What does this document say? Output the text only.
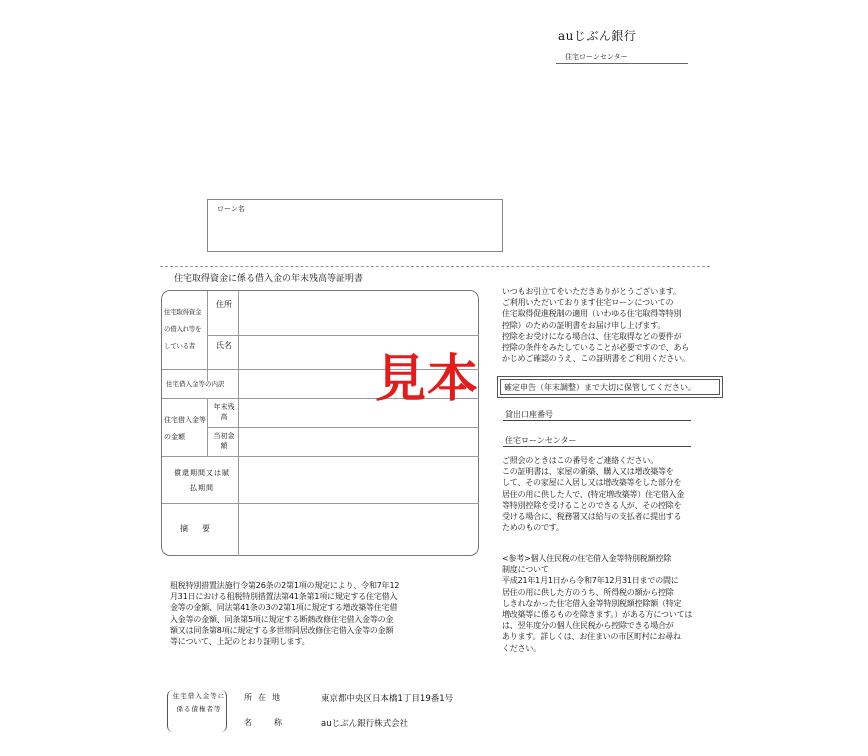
auじぶん銀行
住宅ローンセンター
ローン名
住宅取得資金に係る借入金の年末残高等証明書
住宅取得資金の借入れ等をしている者
住所
氏名
住宅借入金等の内訳
住宅借入金等の金額
年末残高
当初金額
償還期間又は賦払期間
摘要
見本
いつもお引立てをいただきありがとうございます。
ご利用いただいております住宅ローンについての
住宅取得促進税制の適用（いわゆる住宅取得等特別
控除）のための証明書をお届け申し上げます。
控除をお受けになる場合は、住宅取得などの要件が
控除の条件をみたしていることが必要ですので、あら
かじめご確認のうえ、この証明書をご利用ください。
確定申告（年末調整）まで大切に保管してください。
貸出口座番号
住宅ローンセンター
ご照会のときはこの番号をご連絡ください。
この証明書は、家屋の新築、購入又は增改築等を
して、その家屋に入居し又は增改築等をした部分を
居住の用に供した人で、(特定増改築等）住宅借入金
等特別控除を受けることのできる人が、その控除を
受ける場合に、税務署又は給与の支払者に提出する
ためのものです。
<参考>個人住民税の住宅借入金等特別税額控除
制度について
平成21年1月1日から令和7年12月31日までの間に
居住の用に供した方のうち、所得税の額から控除
しきれなかった住宅借入金等特別税額控除額（特定
増改築等に係るものを除きます。）がある方については
は、翌年度分の個人住民税から控除できる場合が
あります。詳しくは、お住まいの市区町村にお尋ね
ください。
租税特別措置法施行令第26条の2第1項の規定により、令和7年12
月31日における租税特別措置法第41条第1項に規定する住宅借入
金等の金額、同法第41条の3の2第1項に規定する增改築等住宅借
入金等の金額、同条第5項に規定する断熱改修住宅借入金等の金
額又は同条第8項に規定する多世帯同居改修住宅借入金等の金額
等について、上記のとおり証明します。
住宅借入金等に係る債権者等
所在地	東京都中央区日本橋1丁目19番1号
名称 auじぶん銀行株式会社
